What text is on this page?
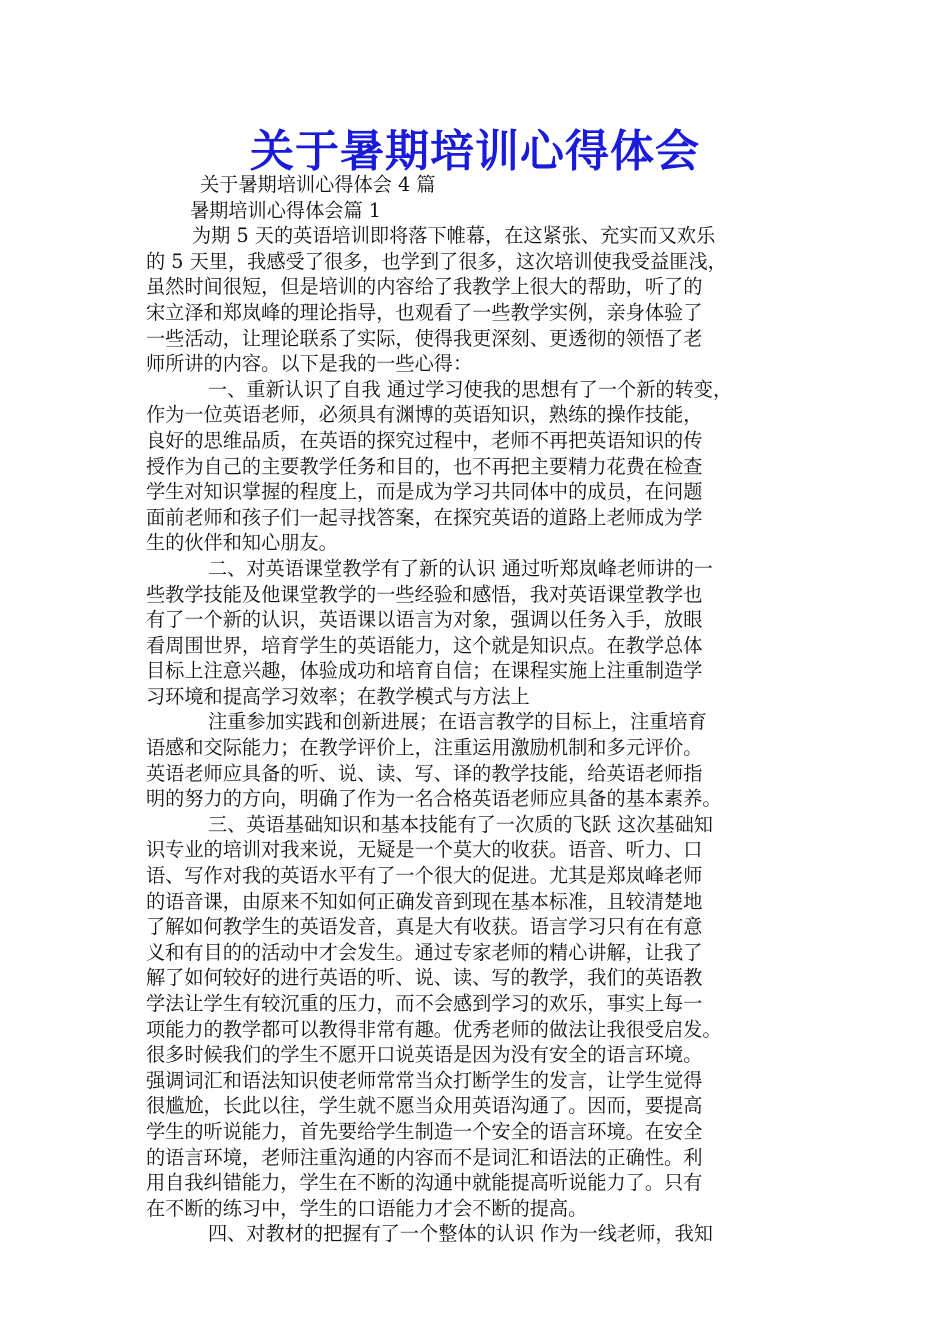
关于暑期培训心得体会

关于暑期培训心得体会 4 篇

暑期培训心得体会篇 1

为期 5 天的英语培训即将落下帷幕，在这紧张、充实而又欢乐

的 5 天里，我感受了很多，也学到了很多，这次培训使我受益匪浅，

虽然时间很短，但是培训的内容给了我教学上很大的帮助，听了的

宋立泽和郑岚峰的理论指导，也观看了一些教学实例，亲身体验了

一些活动，让理论联系了实际，使得我更深刻、更透彻的领悟了老

师所讲的内容。以下是我的一些心得：

一、重新认识了自我 通过学习使我的思想有了一个新的转变，

作为一位英语老师，必须具有渊博的英语知识，熟练的操作技能，

良好的思维品质，在英语的探究过程中，老师不再把英语知识的传

授作为自己的主要教学任务和目的，也不再把主要精力花费在检查

学生对知识掌握的程度上，而是成为学习共同体中的成员，在问题

面前老师和孩子们一起寻找答案，在探究英语的道路上老师成为学

生的伙伴和知心朋友。

二、对英语课堂教学有了新的认识 通过听郑岚峰老师讲的一

些教学技能及他课堂教学的一些经验和感悟，我对英语课堂教学也

有了一个新的认识，英语课以语言为对象，强调以任务入手，放眼

看周围世界，培育学生的英语能力，这个就是知识点。在教学总体

目标上注意兴趣，体验成功和培育自信；在课程实施上注重制造学

习环境和提高学习效率；在教学模式与方法上

注重参加实践和创新进展；在语言教学的目标上，注重培育

语感和交际能力；在教学评价上，注重运用激励机制和多元评价。

英语老师应具备的听、说、读、写、译的教学技能，给英语老师指

明的努力的方向，明确了作为一名合格英语老师应具备的基本素养。

三、英语基础知识和基本技能有了一次质的飞跃 这次基础知

识专业的培训对我来说，无疑是一个莫大的收获。语音、听力、口

语、写作对我的英语水平有了一个很大的促进。尤其是郑岚峰老师

的语音课，由原来不知如何正确发音到现在基本标准，且较清楚地

了解如何教学生的英语发音，真是大有收获。语言学习只有在有意

义和有目的的活动中才会发生。通过专家老师的精心讲解，让我了

解了如何较好的进行英语的听、说、读、写的教学，我们的英语教

学法让学生有较沉重的压力，而不会感到学习的欢乐，事实上每一

项能力的教学都可以教得非常有趣。优秀老师的做法让我很受启发。

很多时候我们的学生不愿开口说英语是因为没有安全的语言环境。

强调词汇和语法知识使老师常常当众打断学生的发言，让学生觉得

很尴尬，长此以往，学生就不愿当众用英语沟通了。因而，要提高

学生的听说能力，首先要给学生制造一个安全的语言环境。在安全

的语言环境，老师注重沟通的内容而不是词汇和语法的正确性。利

用自我纠错能力，学生在不断的沟通中就能提高听说能力了。只有

在不断的练习中，学生的口语能力才会不断的提高。

四、对教材的把握有了一个整体的认识 作为一线老师，我知
